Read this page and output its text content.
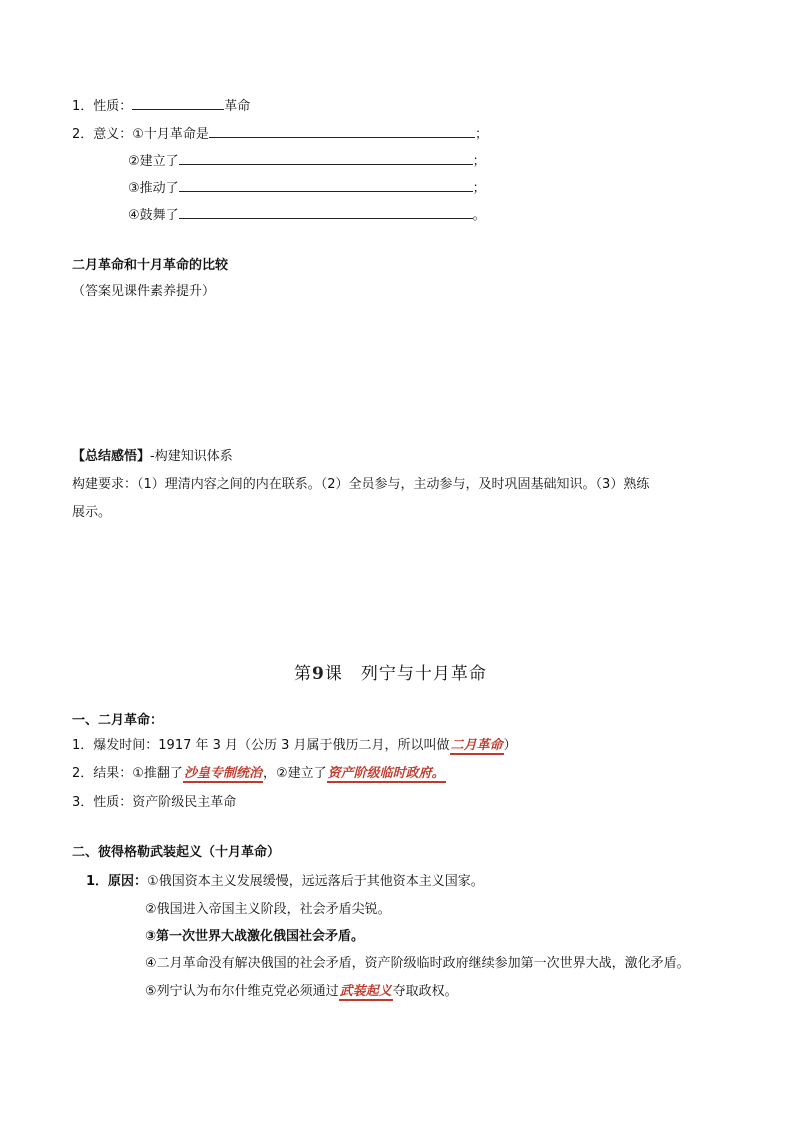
1．性质：	革命
2．意义：①十月革命是	；
②建立了	；
③推动了	；
④鼓舞了	。
二月革命和十月革命的比较
（答案见课件素养提升）
【总结感悟】-构建知识体系
构建要求：（1）理清内容之间的内在联系。（2）全员参与，主动参与，及时巩固基础知识。（3）熟练
展示。
第9课　列宁与十月革命
一、二月革命：
1．爆发时间：1917 年 3 月（公历 3 月属于俄历二月，所以叫做二月革命）
2．结果：①推翻了沙皇专制统治，②建立了资产阶级临时政府。
3．性质：资产阶级民主革命
二、彼得格勒武装起义（十月革命）
1．原因：①俄国资本主义发展缓慢，远远落后于其他资本主义国家。
②俄国进入帝国主义阶段，社会矛盾尖锐。
③第一次世界大战激化俄国社会矛盾。
④二月革命没有解决俄国的社会矛盾，资产阶级临时政府继续参加第一次世界大战，激化矛盾。
⑤列宁认为布尔什维克党必须通过武装起义夺取政权。
